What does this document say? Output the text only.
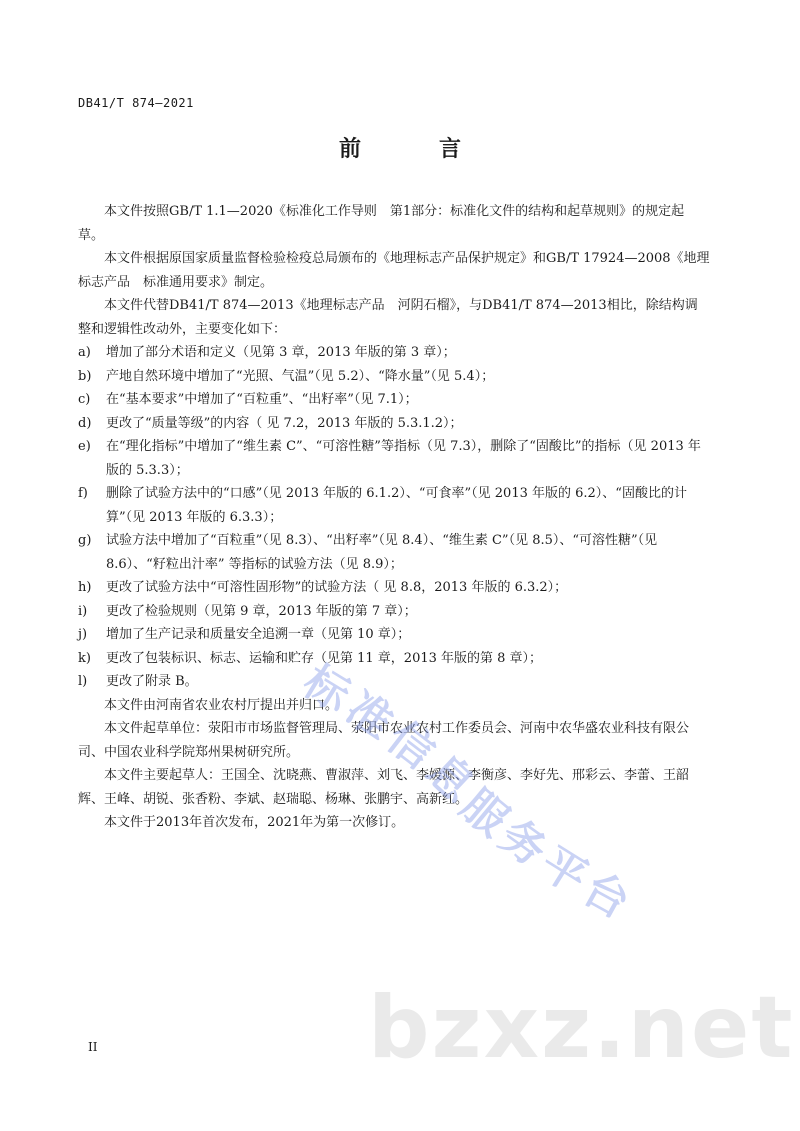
DB41/T 874—2021
前　言

本文件按照GB/T 1.1—2020《标准化工作导则　第1部分：标准化文件的结构和起草规则》的规定起草。

本文件根据原国家质量监督检验检疫总局颁布的《地理标志产品保护规定》和GB/T 17924—2008《地理标志产品　标准通用要求》制定。

本文件代替DB41/T 874—2013《地理标志产品　河阴石榴》，与DB41/T 874—2013相比，除结构调整和逻辑性改动外，主要变化如下：

a)	增加了部分术语和定义（见第 3 章，2013 年版的第 3 章）；
b)	产地自然环境中增加了“光照、气温”（见 5.2）、“降水量”（见 5.4）；
c)	在“基本要求”中增加了“百粒重”、“出籽率”（见 7.1）；
d)	更改了“质量等级”的内容（ 见 7.2，2013 年版的 5.3.1.2）；
e)	在“理化指标”中增加了“维生素 C”、“可溶性糖”等指标（见 7.3），删除了“固酸比”的指标（见 2013 年版的 5.3.3）；
f)	删除了试验方法中的“口感”（见 2013 年版的 6.1.2）、“可食率”（见 2013 年版的 6.2）、“固酸比的计算”（见 2013 年版的 6.3.3）；
g)	试验方法中增加了“百粒重”（见 8.3）、“出籽率”（见 8.4）、“维生素 C”（见 8.5）、“可溶性糖”（见 8.6）、“籽粒出汁率” 等指标的试验方法（见 8.9）；
h)	更改了试验方法中“可溶性固形物”的试验方法（ 见 8.8，2013 年版的 6.3.2）；
i)	更改了检验规则（见第 9 章，2013 年版的第 7 章）；
j)	增加了生产记录和质量安全追溯一章（见第 10 章）；
k)	更改了包装标识、标志、运输和贮存（见第 11 章，2013 年版的第 8 章）；
l)	更改了附录 B。

本文件由河南省农业农村厅提出并归口。

本文件起草单位：荥阳市市场监督管理局、荥阳市农业农村工作委员会、河南中农华盛农业科技有限公司、中国农业科学院郑州果树研究所。

本文件主要起草人：王国全、沈晓燕、曹淑萍、刘飞、李媛源、李衡彦、李好先、邢彩云、李蕾、王韶辉、王峰、胡锐、张香粉、李斌、赵瑞聪、杨琳、张鹏宇、高新红。

本文件于2013年首次发布，2021年为第一次修订。

II
标准信息服务平台
bzxz.net
